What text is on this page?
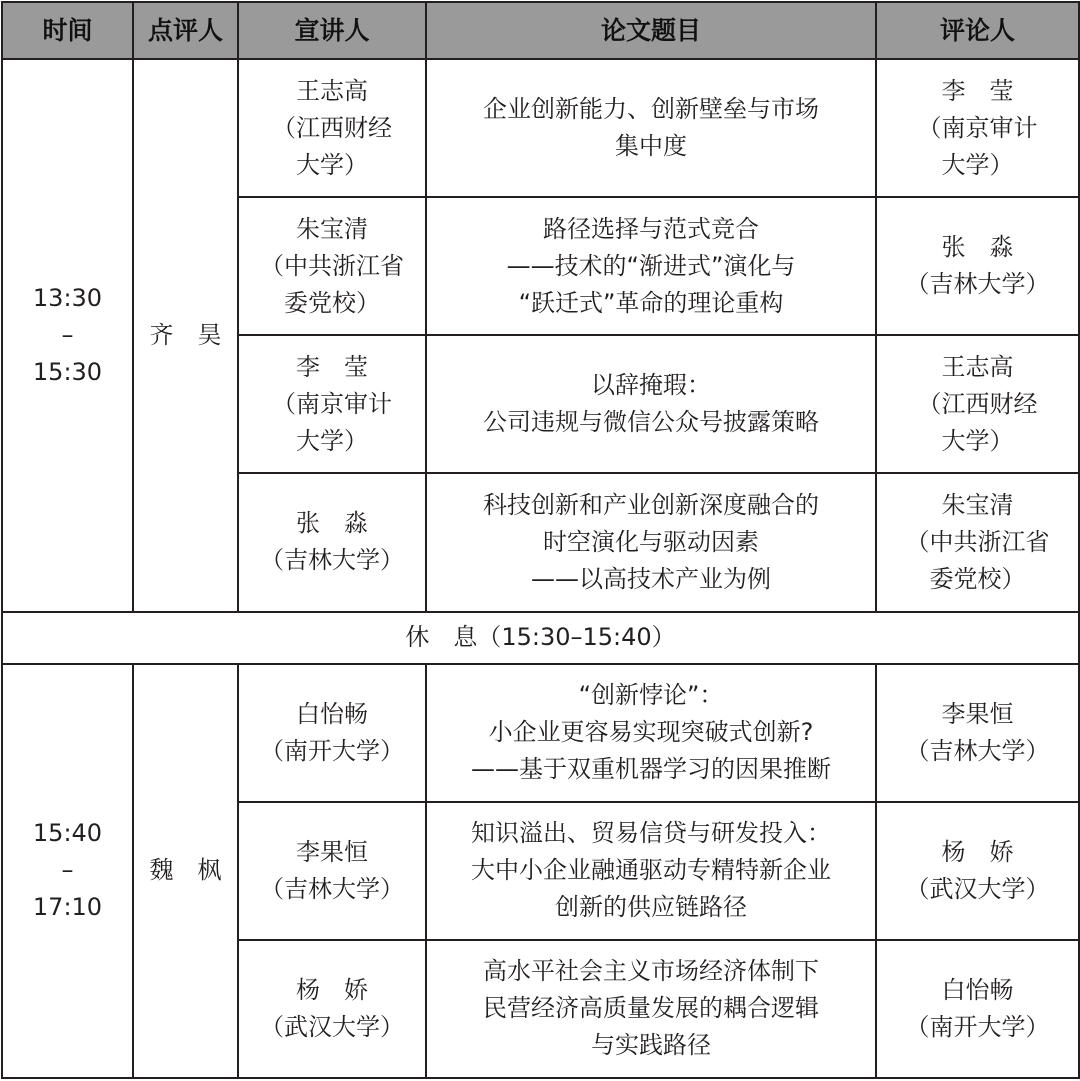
时间	点评人	宣讲人	论文题目	评论人

13:30
–
15:30	齐　昊	王志高
（江西财经
大学）	企业创新能力、创新壁垒与市场
集中度	李　莹
（南京审计
大学）

		朱宝清
（中共浙江省
委党校）	路径选择与范式竞合
——技术的“渐进式”演化与
“跃迁式”革命的理论重构	张　淼
（吉林大学）

		李　莹
（南京审计
大学）	以辞掩瑕：
公司违规与微信公众号披露策略	王志高
（江西财经
大学）

		张　淼
（吉林大学）	科技创新和产业创新深度融合的
时空演化与驱动因素
——以高技术产业为例	朱宝清
（中共浙江省
委党校）

休　息（15:30–15:40）				

15:40
–
17:10	魏　枫	白怡畅
（南开大学）	“创新悖论”：
小企业更容易实现突破式创新?
——基于双重机器学习的因果推断	李果恒
（吉林大学）

		李果恒
（吉林大学）	知识溢出、贸易信贷与研发投入：
大中小企业融通驱动专精特新企业
创新的供应链路径	杨　娇
（武汉大学）

		杨　娇
（武汉大学）	高水平社会主义市场经济体制下
民营经济高质量发展的耦合逻辑
与实践路径	白怡畅
（南开大学）
